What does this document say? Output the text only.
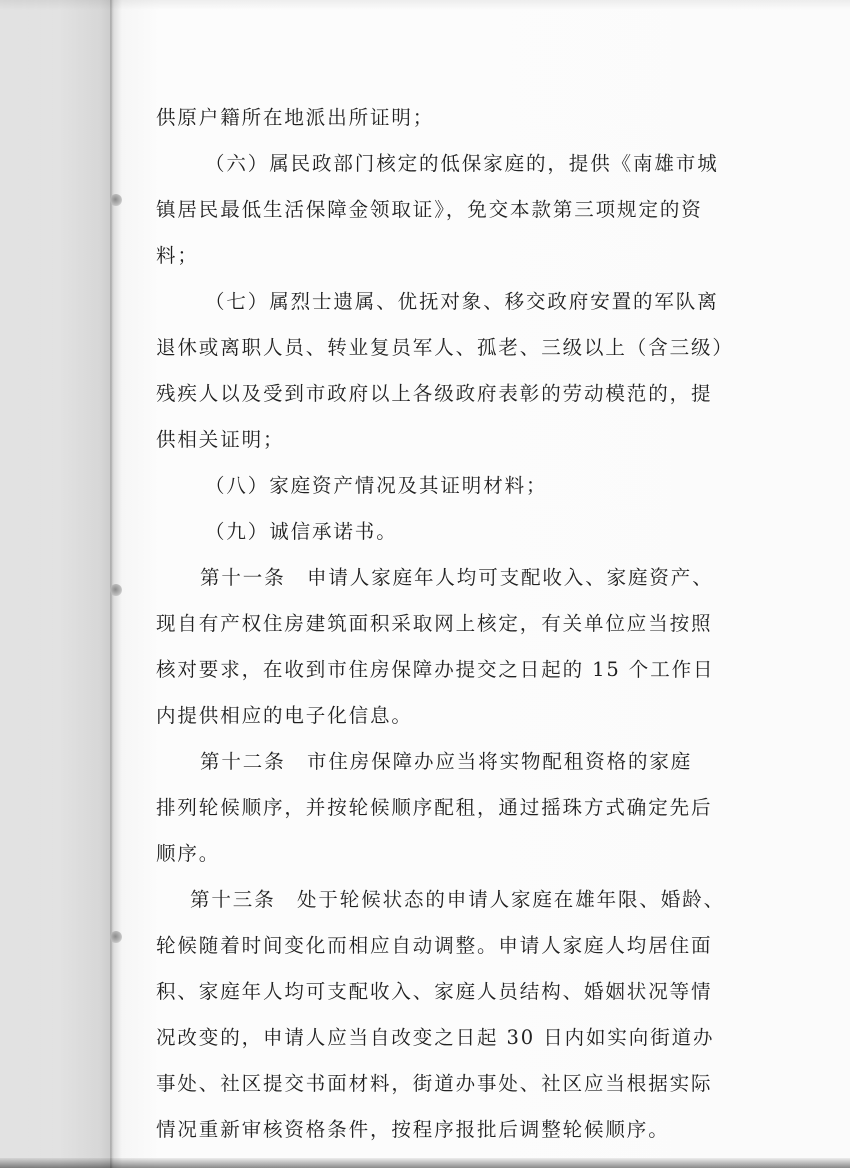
供原户籍所在地派出所证明；
（六）属民政部门核定的低保家庭的，提供《南雄市城
镇居民最低生活保障金领取证》，免交本款第三项规定的资
料；
（七）属烈士遗属、优抚对象、移交政府安置的军队离
退休或离职人员、转业复员军人、孤老、三级以上（含三级）
残疾人以及受到市政府以上各级政府表彰的劳动模范的，提
供相关证明；
（八）家庭资产情况及其证明材料；
（九）诚信承诺书。
第十一条　申请人家庭年人均可支配收入、家庭资产、
现自有产权住房建筑面积采取网上核定，有关单位应当按照
核对要求，在收到市住房保障办提交之日起的 15 个工作日
内提供相应的电子化信息。
第十二条　市住房保障办应当将实物配租资格的家庭
排列轮候顺序，并按轮候顺序配租，通过摇珠方式确定先后
顺序。
第十三条　处于轮候状态的申请人家庭在雄年限、婚龄、
轮候随着时间变化而相应自动调整。申请人家庭人均居住面
积、家庭年人均可支配收入、家庭人员结构、婚姻状况等情
况改变的，申请人应当自改变之日起 30 日内如实向街道办
事处、社区提交书面材料，街道办事处、社区应当根据实际
情况重新审核资格条件，按程序报批后调整轮候顺序。
